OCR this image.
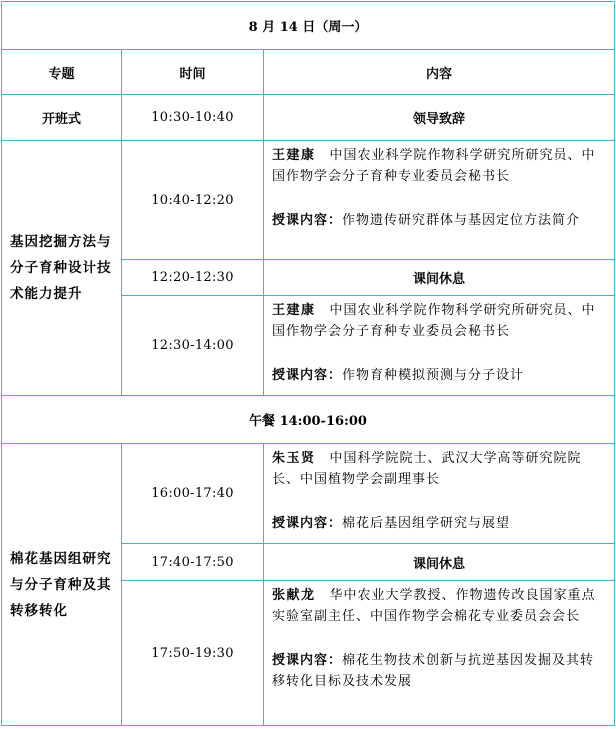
8 月 14 日（周一）		
专题	时间	内容
开班式	10:30-10:40	领导致辞
基因挖掘方法与分子育种设计技术能力提升	10:40-12:20	王建康 中国农业科学院作物科学研究所研究员、中国作物学会分子育种专业委员会秘书长
授课内容：作物遗传研究群体与基因定位方法简介

	12:20-12:30	课间休息
	12:30-14:00	王建康 中国农业科学院作物科学研究所研究员、中国作物学会分子育种专业委员会秘书长
授课内容：作物育种模拟预测与分子设计

午餐 14:00-16:00		
棉花基因组研究与分子育种及其转移转化	16:00-17:40	朱玉贤 中国科学院院士、武汉大学高等研究院院长、中国植物学会副理事长
授课内容：棉花后基因组学研究与展望

	17:40-17:50	课间休息
	17:50-19:30	张献龙 华中农业大学教授、作物遗传改良国家重点实验室副主任、中国作物学会棉花专业委员会会长
授课内容：棉花生物技术创新与抗逆基因发掘及其转移转化目标及技术发展
